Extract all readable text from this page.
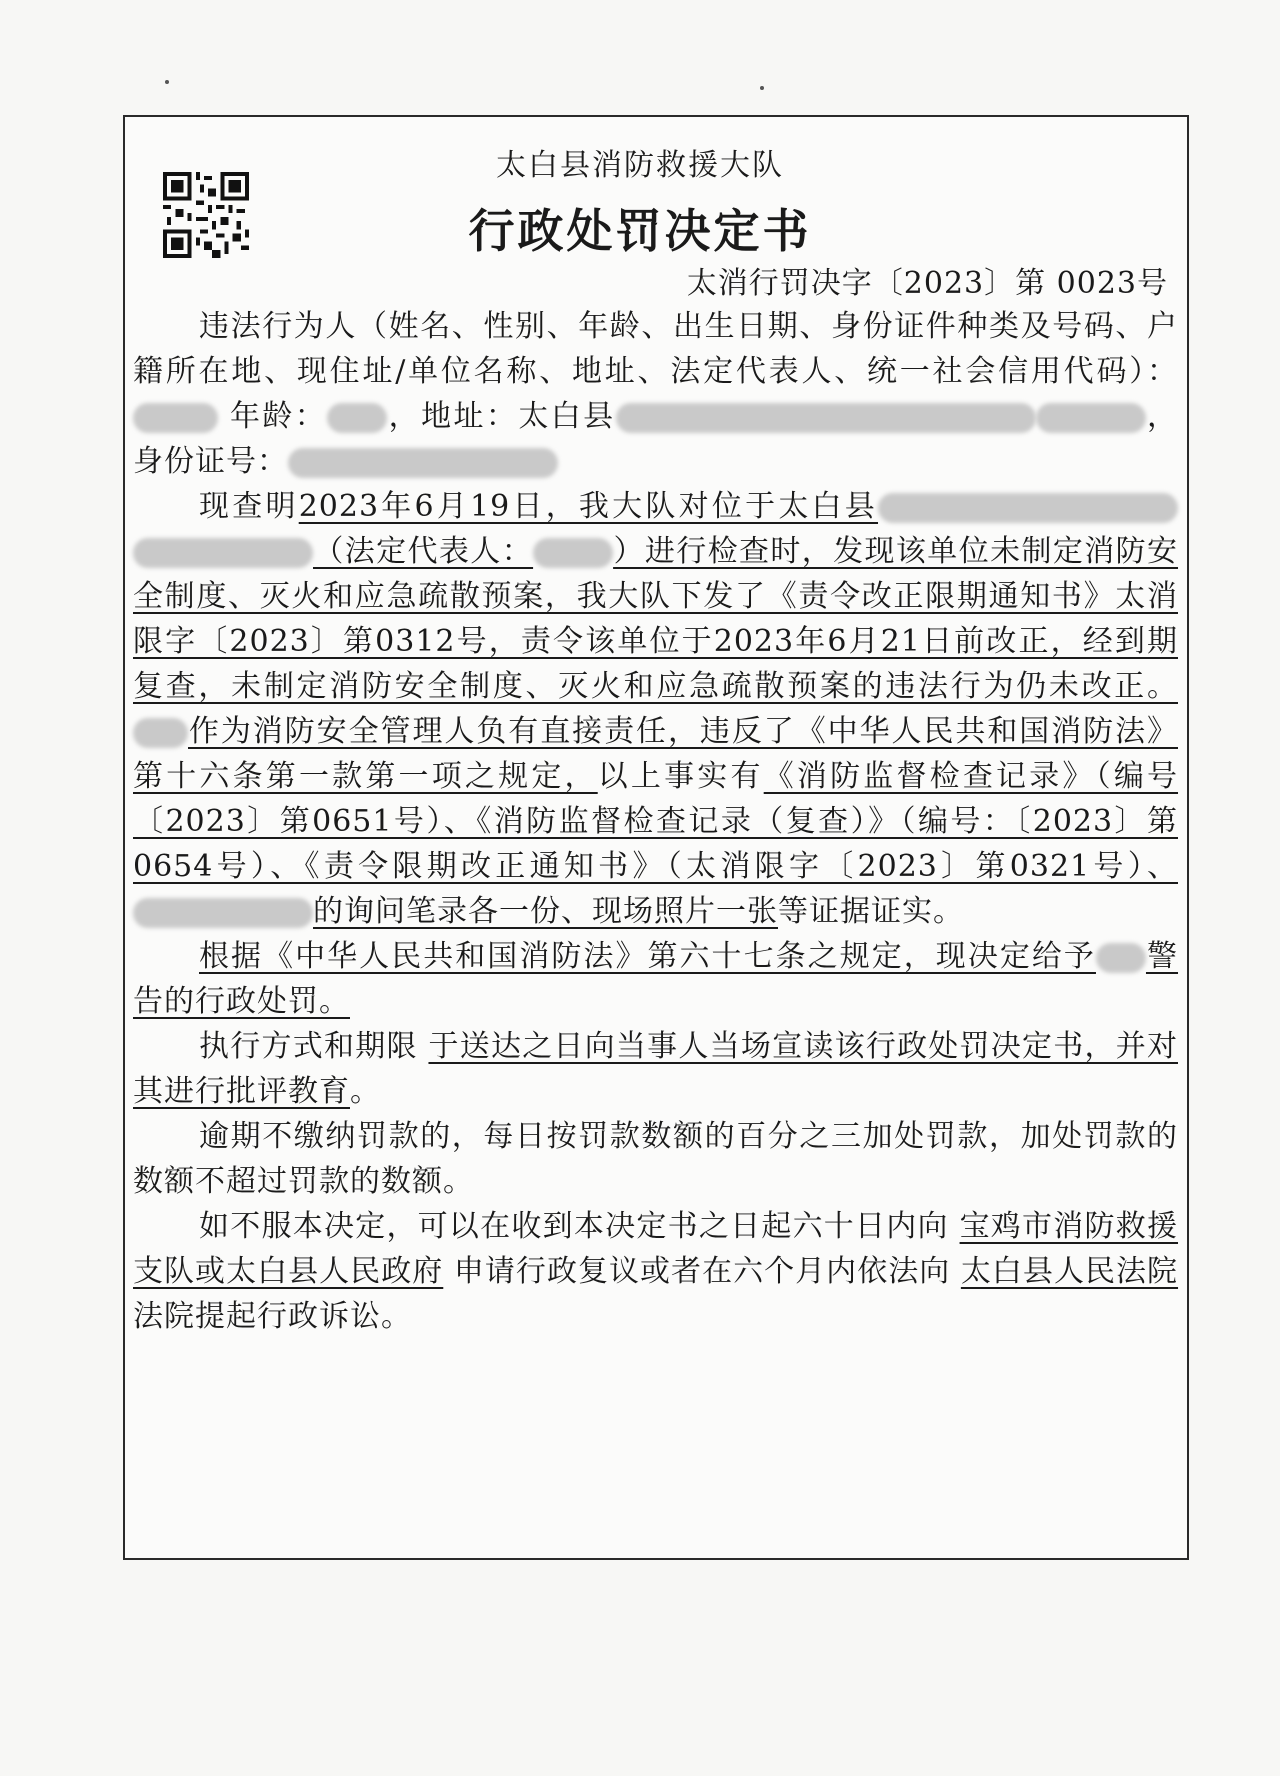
太白县消防救援大队
行政处罚决定书
太消行罚决字〔2023〕第 0023号

违法行为人（姓名、性别、年龄、出生日期、身份证件种类及号码、户籍所在地、现住址/单位名称、地址、法定代表人、统一社会信用代码）： 年龄： ，地址：太白县	，身份证号：

现查明2023年6月19日，我大队对位于太白县（法定代表人：	）进行检查时，发现该单位未制定消防安全制度、灭火和应急疏散预案，我大队下发了《责令改正限期通知书》太消限字〔2023〕第0312号，责令该单位于2023年6月21日前改正，经到期复查，未制定消防安全制度、灭火和应急疏散预案的违法行为仍未改正。作为消防安全管理人负有直接责任，违反了《中华人民共和国消防法》第十六条第一款第一项之规定，以上事实有《消防监督检查记录》（编号〔2023〕第0651号）、《消防监督检查记录（复查）》（编号：〔2023〕第0654号）、《责令限期改正通知书》（太消限字〔2023〕第0321号）、的询问笔录各一份、现场照片一张等证据证实。

根据《中华人民共和国消防法》第六十七条之规定，现决定给予 警告的行政处罚。

执行方式和期限 于送达之日向当事人当场宣读该行政处罚决定书，并对其进行批评教育。

逾期不缴纳罚款的，每日按罚款数额的百分之三加处罚款，加处罚款的数额不超过罚款的数额。

如不服本决定，可以在收到本决定书之日起六十日内向 宝鸡市消防救援支队或太白县人民政府 申请行政复议或者在六个月内依法向 太白县人民法院 法院提起行政诉讼。
